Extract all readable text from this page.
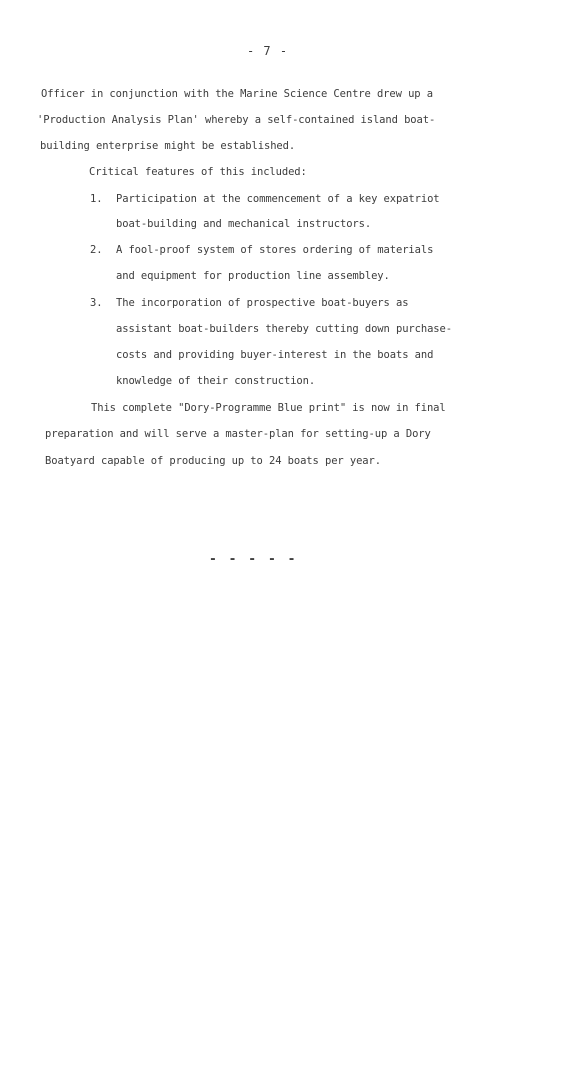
- 7 -
Officer in conjunction with the Marine Science Centre drew up a
'Production Analysis Plan' whereby a self-contained island boat-
building enterprise might be established.
Critical features of this included:
1. Participation at the commencement of a key expatriot
boat-building and mechanical instructors.
2. A fool-proof system of stores ordering of materials
and equipment for production line assembley.
3. The incorporation of prospective boat-buyers as
assistant boat-builders thereby cutting down purchase-
costs and providing buyer-interest in the boats and
knowledge of their construction.
This complete "Dory-Programme Blue print" is now in final
preparation and will serve a master-plan for setting-up a Dory
Boatyard capable of producing up to 24 boats per year.
- - - - -
